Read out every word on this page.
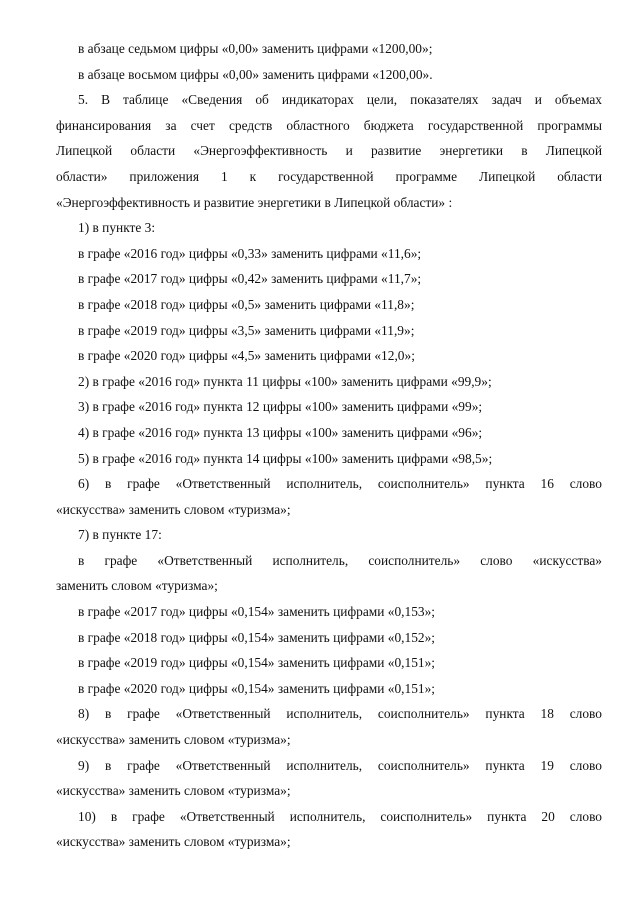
в абзаце седьмом цифры «0,00» заменить цифрами «1200,00»;
в абзаце восьмом цифры «0,00» заменить цифрами «1200,00».
5. В таблице «Сведения об индикаторах цели, показателях задач и объемах
финансирования за счет средств областного бюджета государственной программы
Липецкой области «Энергоэффективность и развитие энергетики в Липецкой
области» приложения 1 к государственной программе Липецкой области
«Энергоэффективность и развитие энергетики в Липецкой области» :
1) в пункте 3:
в графе «2016 год» цифры «0,33» заменить цифрами «11,6»;
в графе «2017 год» цифры «0,42» заменить цифрами «11,7»;
в графе «2018 год» цифры «0,5» заменить цифрами «11,8»;
в графе «2019 год» цифры «3,5» заменить цифрами «11,9»;
в графе «2020 год» цифры «4,5» заменить цифрами «12,0»;
2) в графе «2016 год» пункта 11 цифры «100» заменить цифрами «99,9»;
3) в графе «2016 год» пункта 12 цифры «100» заменить цифрами «99»;
4) в графе «2016 год» пункта 13 цифры «100» заменить цифрами «96»;
5) в графе «2016 год» пункта 14 цифры «100» заменить цифрами «98,5»;
6) в графе «Ответственный исполнитель, соисполнитель» пункта 16 слово
«искусства» заменить словом «туризма»;
7) в пункте 17:
в графе «Ответственный исполнитель, соисполнитель» слово «искусства»
заменить словом «туризма»;
в графе «2017 год» цифры «0,154» заменить цифрами «0,153»;
в графе «2018 год» цифры «0,154» заменить цифрами «0,152»;
в графе «2019 год» цифры «0,154» заменить цифрами «0,151»;
в графе «2020 год» цифры «0,154» заменить цифрами «0,151»;
8) в графе «Ответственный исполнитель, соисполнитель» пункта 18 слово
«искусства» заменить словом «туризма»;
9) в графе «Ответственный исполнитель, соисполнитель» пункта 19 слово
«искусства» заменить словом «туризма»;
10) в графе «Ответственный исполнитель, соисполнитель» пункта 20 слово
«искусства» заменить словом «туризма»;
